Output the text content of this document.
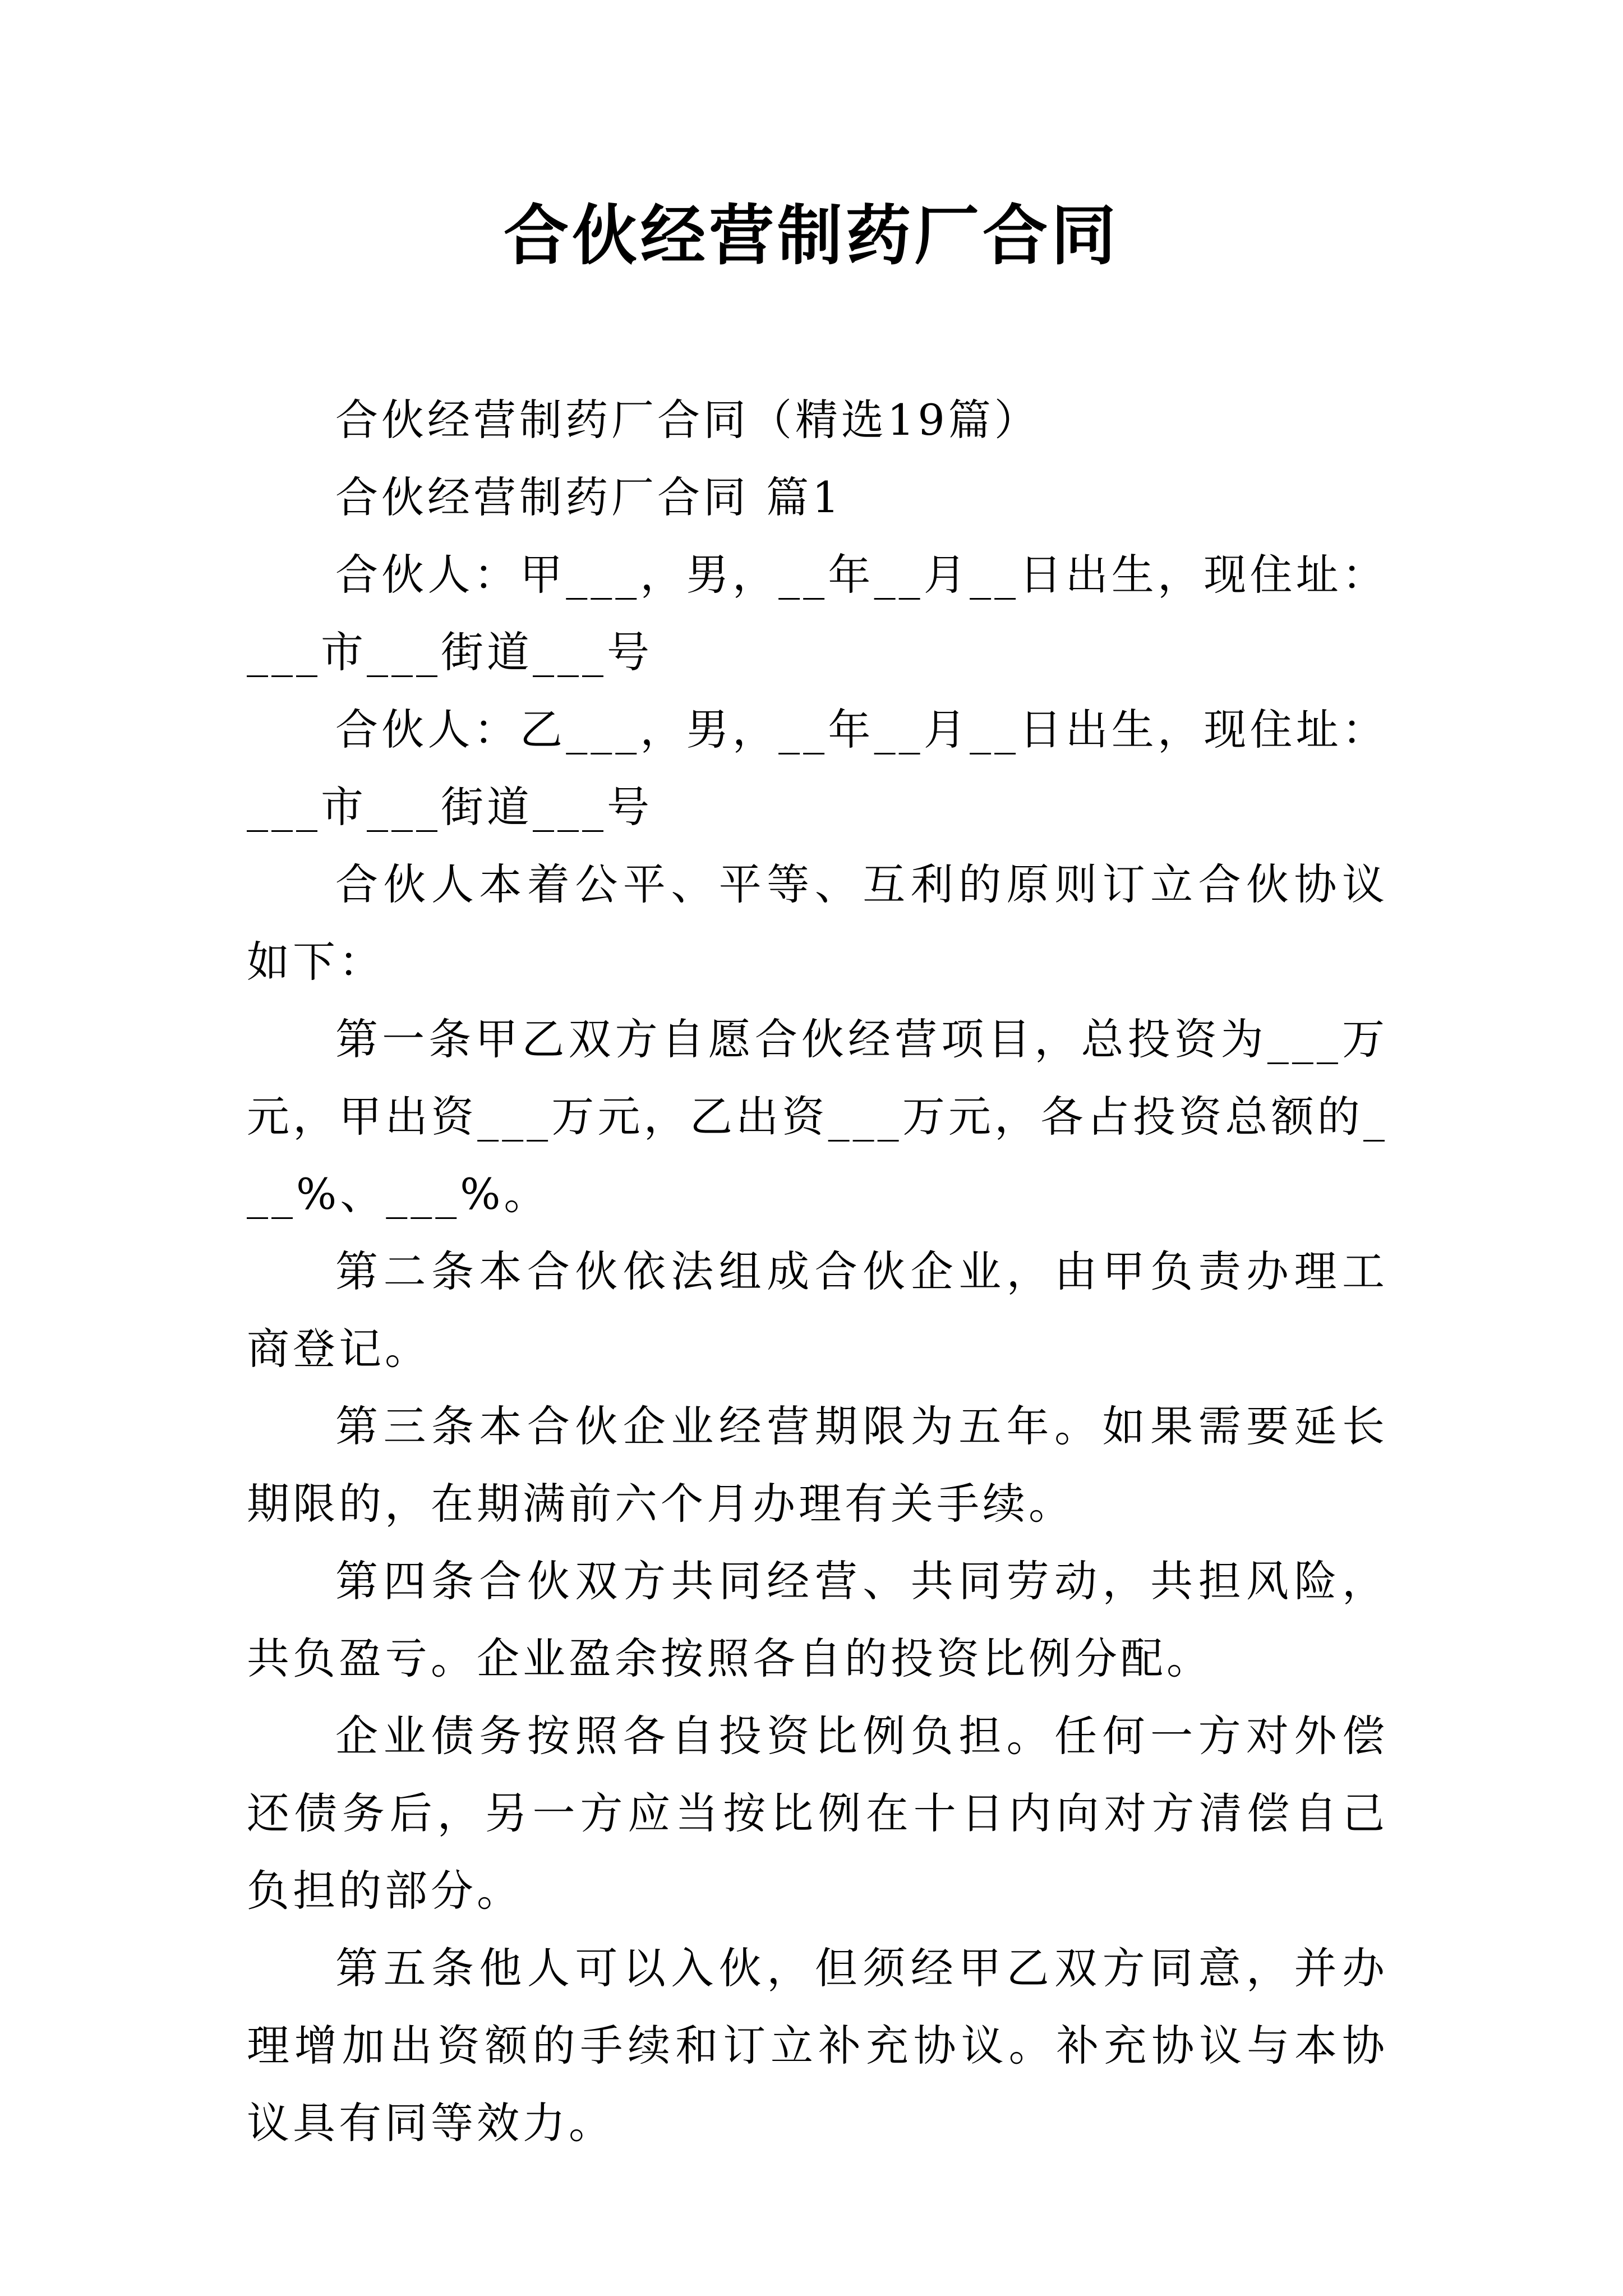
合伙经营制药厂合同

合伙经营制药厂合同（精选19篇）

合伙经营制药厂合同 篇1

合伙人：甲___，男，__年__月__日出生，现住址：___市___街道___号

合伙人：乙___，男，__年__月__日出生，现住址：___市___街道___号

合伙人本着公平、平等、互利的原则订立合伙协议如下：

第一条甲乙双方自愿合伙经营项目，总投资为___万元，甲出资___万元，乙出资___万元，各占投资总额的___%、___%。

第二条本合伙依法组成合伙企业，由甲负责办理工商登记。

第三条本合伙企业经营期限为五年。如果需要延长期限的，在期满前六个月办理有关手续。

第四条合伙双方共同经营、共同劳动，共担风险，共负盈亏。企业盈余按照各自的投资比例分配。

企业债务按照各自投资比例负担。任何一方对外偿还债务后，另一方应当按比例在十日内向对方清偿自己负担的部分。

第五条他人可以入伙，但须经甲乙双方同意，并办理增加出资额的手续和订立补充协议。补充协议与本协议具有同等效力。
